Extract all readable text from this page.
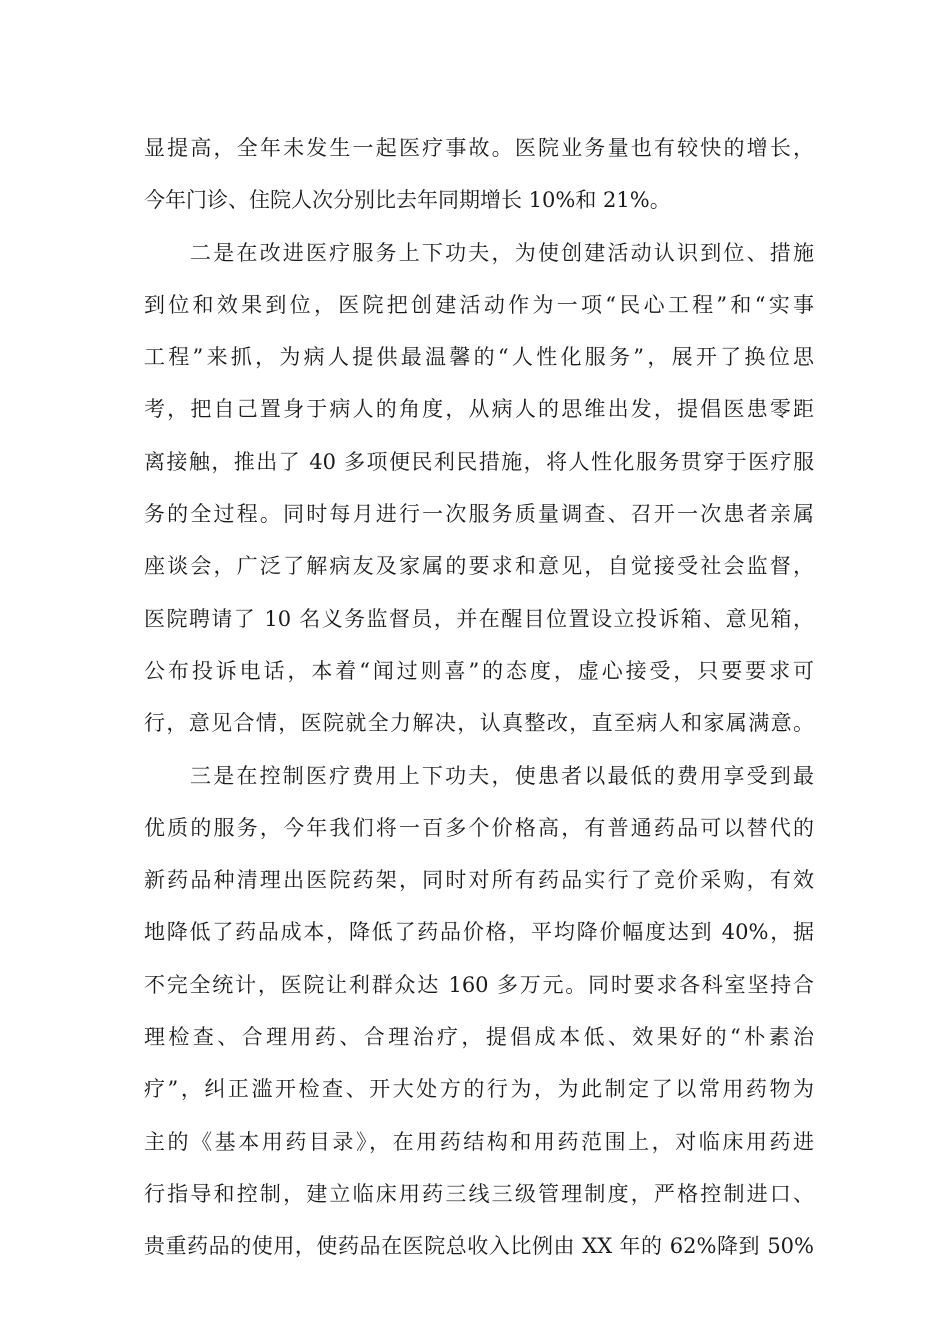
显提高，全年未发生一起医疗事故。医院业务量也有较快的增长，
今年门诊、住院人次分别比去年同期增长 10%和 21%。
二是在改进医疗服务上下功夫，为使创建活动认识到位、措施
到位和效果到位，医院把创建活动作为一项“民心工程”和“实事
工程”来抓，为病人提供最温馨的“人性化服务”，展开了换位思
考，把自己置身于病人的角度，从病人的思维出发，提倡医患零距
离接触，推出了 40 多项便民利民措施，将人性化服务贯穿于医疗服
务的全过程。同时每月进行一次服务质量调查、召开一次患者亲属
座谈会，广泛了解病友及家属的要求和意见，自觉接受社会监督，
医院聘请了 10 名义务监督员，并在醒目位置设立投诉箱、意见箱，
公布投诉电话，本着“闻过则喜”的态度，虚心接受，只要要求可
行，意见合情，医院就全力解决，认真整改，直至病人和家属满意。
三是在控制医疗费用上下功夫，使患者以最低的费用享受到最
优质的服务，今年我们将一百多个价格高，有普通药品可以替代的
新药品种清理出医院药架，同时对所有药品实行了竞价采购，有效
地降低了药品成本，降低了药品价格，平均降价幅度达到 40%，据
不完全统计，医院让利群众达 160 多万元。同时要求各科室坚持合
理检查、合理用药、合理治疗，提倡成本低、效果好的“朴素治
疗”，纠正滥开检查、开大处方的行为，为此制定了以常用药物为
主的《基本用药目录》，在用药结构和用药范围上，对临床用药进
行指导和控制，建立临床用药三线三级管理制度，严格控制进口、
贵重药品的使用，使药品在医院总收入比例由 XX 年的 62%降到 50%
